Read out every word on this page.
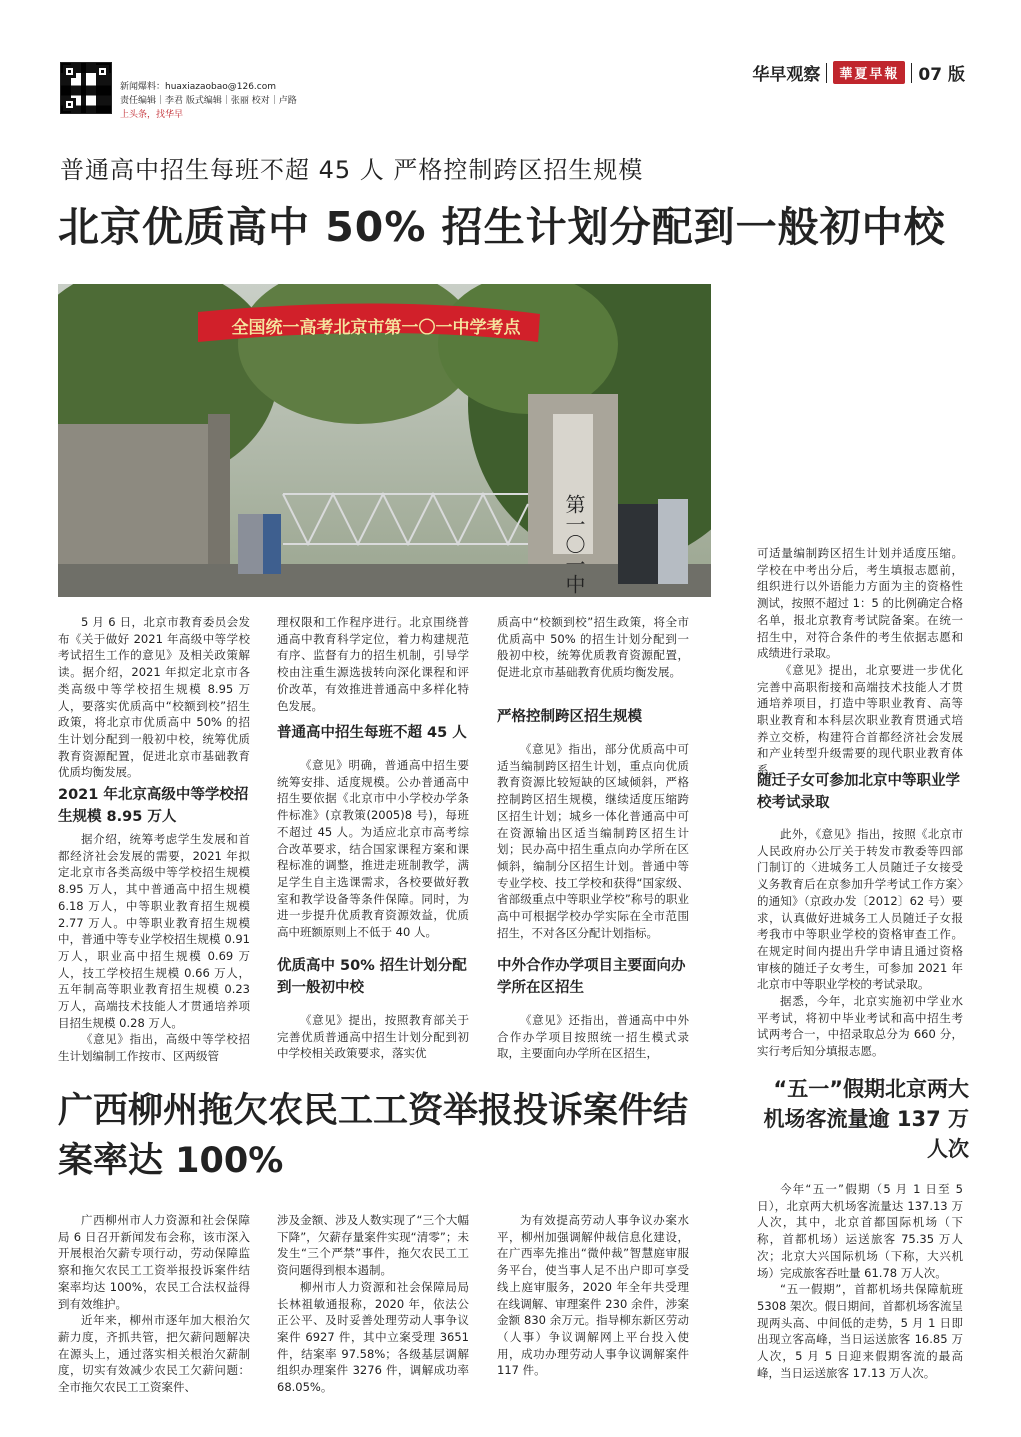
新闻爆料：huaxiazaobao@126.com
责任编辑｜李君 版式编辑｜张丽 校对｜卢路
上头条，找华早
华早观察	華夏早報	07 版
普通高中招生每班不超 45 人 严格控制跨区招生规模
北京优质高中 50% 招生计划分配到一般初中校
全国统一高考北京市第一〇一中学考点
第一〇一中

5 月 6 日，北京市教育委员会发布《关于做好 2021 年高级中等学校考试招生工作的意见》及相关政策解读。据介绍，2021 年拟定北京市各类高级中等学校招生规模 8.95 万人，要落实优质高中“校额到校”招生政策，将北京市优质高中 50% 的招生计划分配到一般初中校，统筹优质教育资源配置，促进北京市基础教育优质均衡发展。

2021 年北京高级中等学校招生规模 8.95 万人

据介绍，统筹考虑学生发展和首都经济社会发展的需要，2021 年拟定北京市各类高级中等学校招生规模 8.95 万人，其中普通高中招生规模 6.18 万人，中等职业教育招生规模 2.77 万人。中等职业教育招生规模中，普通中等专业学校招生规模 0.91 万人，职业高中招生规模 0.69 万人，技工学校招生规模 0.66 万人，五年制高等职业教育招生规模 0.23 万人，高端技术技能人才贯通培养项目招生规模 0.28 万人。

《意见》指出，高级中等学校招生计划编制工作按市、区两级管

理权限和工作程序进行。北京围绕普通高中教育科学定位，着力构建规范有序、监督有力的招生机制，引导学校由注重生源选拔转向深化课程和评价改革，有效推进普通高中多样化特色发展。

普通高中招生每班不超 45 人

《意见》明确，普通高中招生要统筹安排、适度规模。公办普通高中招生要依据《北京市中小学校办学条件标准》(京教策(2005)8 号)，每班不超过 45 人。为适应北京市高考综合改革要求，结合国家课程方案和课程标准的调整，推进走班制教学，满足学生自主选课需求，各校要做好教室和教学设备等条件保障。同时，为进一步提升优质教育资源效益，优质高中班额原则上不低于 40 人。

优质高中 50% 招生计划分配到一般初中校

《意见》提出，按照教育部关于完善优质普通高中招生计划分配到初中学校相关政策要求，落实优

质高中“校额到校”招生政策，将全市优质高中 50% 的招生计划分配到一般初中校，统筹优质教育资源配置，促进北京市基础教育优质均衡发展。

严格控制跨区招生规模

《意见》指出，部分优质高中可适当编制跨区招生计划，重点向优质教育资源比较短缺的区域倾斜，严格控制跨区招生规模，继续适度压缩跨区招生计划；城乡一体化普通高中可在资源输出区适当编制跨区招生计划；民办高中招生重点向办学所在区倾斜，编制分区招生计划。普通中等专业学校、技工学校和获得“国家级、省部级重点中等职业学校”称号的职业高中可根据学校办学实际在全市范围招生，不对各区分配计划指标。

中外合作办学项目主要面向办学所在区招生

《意见》还指出，普通高中中外合作办学项目按照统一招生模式录取，主要面向办学所在区招生，

可适量编制跨区招生计划并适度压缩。学校在中考出分后，考生填报志愿前，组织进行以外语能力方面为主的资格性测试，按照不超过 1：5 的比例确定合格名单，报北京教育考试院备案。在统一招生中，对符合条件的考生依据志愿和成绩进行录取。

《意见》提出，北京要进一步优化完善中高职衔接和高端技术技能人才贯通培养项目，打造中等职业教育、高等职业教育和本科层次职业教育贯通式培养立交桥，构建符合首都经济社会发展和产业转型升级需要的现代职业教育体系。

随迁子女可参加北京中等职业学校考试录取

此外，《意见》指出，按照《北京市人民政府办公厅关于转发市教委等四部门制订的〈进城务工人员随迁子女接受义务教育后在京参加升学考试工作方案〉的通知》（京政办发〔2012〕62 号）要求，认真做好进城务工人员随迁子女报考我市中等职业学校的资格审查工作。在规定时间内提出升学申请且通过资格审核的随迁子女考生，可参加 2021 年北京市中等职业学校的考试录取。

据悉，今年，北京实施初中学业水平考试，将初中毕业考试和高中招生考试两考合一，中招录取总分为 660 分，实行考后知分填报志愿。

广西柳州拖欠农民工工资举报投诉案件结案率达 100%

广西柳州市人力资源和社会保障局 6 日召开新闻发布会称，该市深入开展根治欠薪专项行动，劳动保障监察和拖欠农民工工资举报投诉案件结案率均达 100%，农民工合法权益得到有效维护。

近年来，柳州市逐年加大根治欠薪力度，齐抓共管，把欠薪问题解决在源头上，通过落实相关根治欠薪制度，切实有效减少农民工欠薪问题：全市拖欠农民工工资案件、

涉及金额、涉及人数实现了“三个大幅下降”，欠薪存量案件实现“清零”；未发生“三个严禁”事件，拖欠农民工工资问题得到根本遏制。

柳州市人力资源和社会保障局局长林祖敏通报称，2020 年，依法公正公平、及时妥善处理劳动人事争议案件 6927 件，其中立案受理 3651 件，结案率 97.58%；各级基层调解组织办理案件 3276 件，调解成功率 68.05%。

为有效提高劳动人事争议办案水平，柳州加强调解仲裁信息化建设，在广西率先推出“微仲裁”智慧庭审服务平台，使当事人足不出户即可享受线上庭审服务，2020 年全年共受理在线调解、审理案件 230 余件，涉案金额 830 余万元。指导柳东新区劳动（人事）争议调解网上平台投入使用，成功办理劳动人事争议调解案件 117 件。

“五一”假期北京两大机场客流量逾 137 万人次

今年“五一”假期（5 月 1 日至 5 日），北京两大机场客流量达 137.13 万人次，其中，北京首都国际机场（下称，首都机场）运送旅客 75.35 万人次；北京大兴国际机场（下称，大兴机场）完成旅客吞吐量 61.78 万人次。

“五一假期”，首都机场共保障航班 5308 架次。假日期间，首都机场客流呈现两头高、中间低的走势，5 月 1 日即出现立客高峰，当日运送旅客 16.85 万人次，5 月 5 日迎来假期客流的最高峰，当日运送旅客 17.13 万人次。
